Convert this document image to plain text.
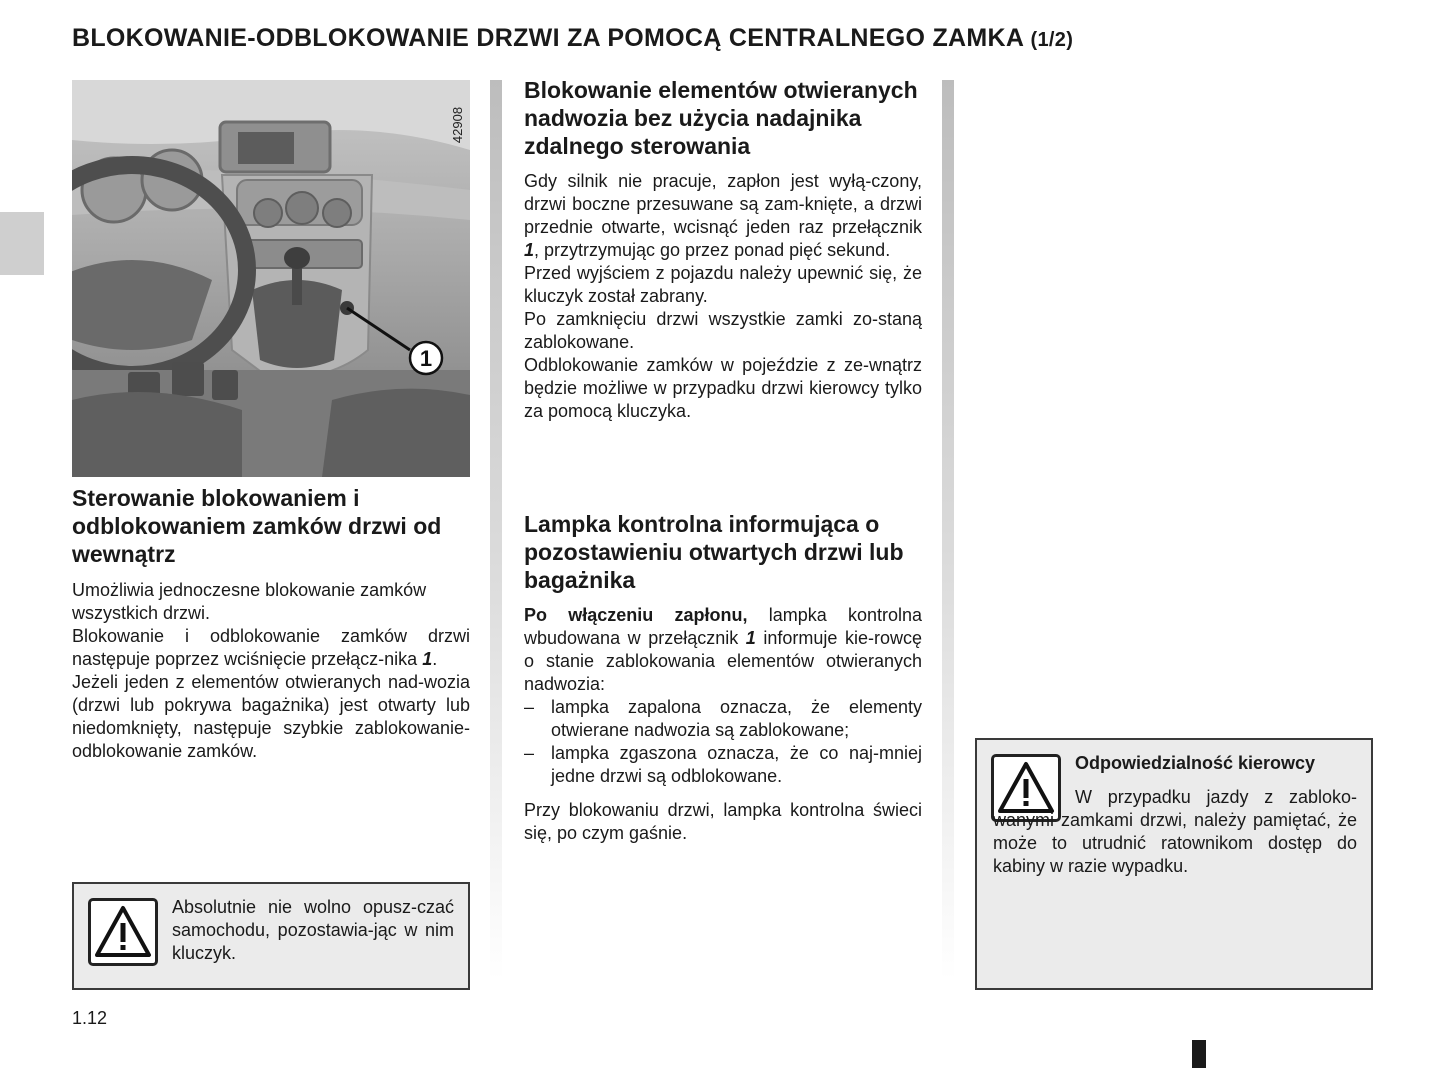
BLOKOWANIE-ODBLOKOWANIE DRZWI ZA POMOCĄ CENTRALNEGO ZAMKA (1/2)
1
42908
Sterowanie blokowaniem i odblokowaniem zamków drzwi od wewnątrz

Umożliwia jednoczesne blokowanie zamków wszystkich drzwi.

Blokowanie i odblokowanie zamków drzwi następuje poprzez wciśnięcie przełącz-nika 1.

Jeżeli jeden z elementów otwieranych nad-wozia (drzwi lub pokrywa bagażnika) jest otwarty lub niedomknięty, następuje szybkie zablokowanie-odblokowanie zamków.

Absolutnie nie wolno opusz-czać samochodu, pozostawia-jąc w nim kluczyk.

Blokowanie elementów otwieranych nadwozia bez użycia nadajnika zdalnego sterowania

Gdy silnik nie pracuje, zapłon jest wyłą-czony, drzwi boczne przesuwane są zam-knięte, a drzwi przednie otwarte, wcisnąć jeden raz przełącznik 1, przytrzymując go przez ponad pięć sekund.

Przed wyjściem z pojazdu należy upewnić się, że kluczyk został zabrany.

Po zamknięciu drzwi wszystkie zamki zo-staną zablokowane.

Odblokowanie zamków w pojeździe z ze-wnątrz będzie możliwe w przypadku drzwi kierowcy tylko za pomocą kluczyka.

Lampka kontrolna informująca o pozostawieniu otwartych drzwi lub bagażnika

Po włączeniu zapłonu, lampka kontrolna wbudowana w przełącznik 1 informuje kie-rowcę o stanie zablokowania elementów otwieranych nadwozia:

– lampka zapalona oznacza, że elementy otwierane nadwozia są zablokowane;
– lampka zgaszona oznacza, że co naj-mniej jedne drzwi są odblokowane.

Przy blokowaniu drzwi, lampka kontrolna świeci się, po czym gaśnie.

Odpowiedzialność kierowcy

W przypadku jazdy z zabloko-wanymi zamkami drzwi, należy pamiętać, że może to utrudnić ratownikom dostęp do kabiny w razie wypadku.

1.12
